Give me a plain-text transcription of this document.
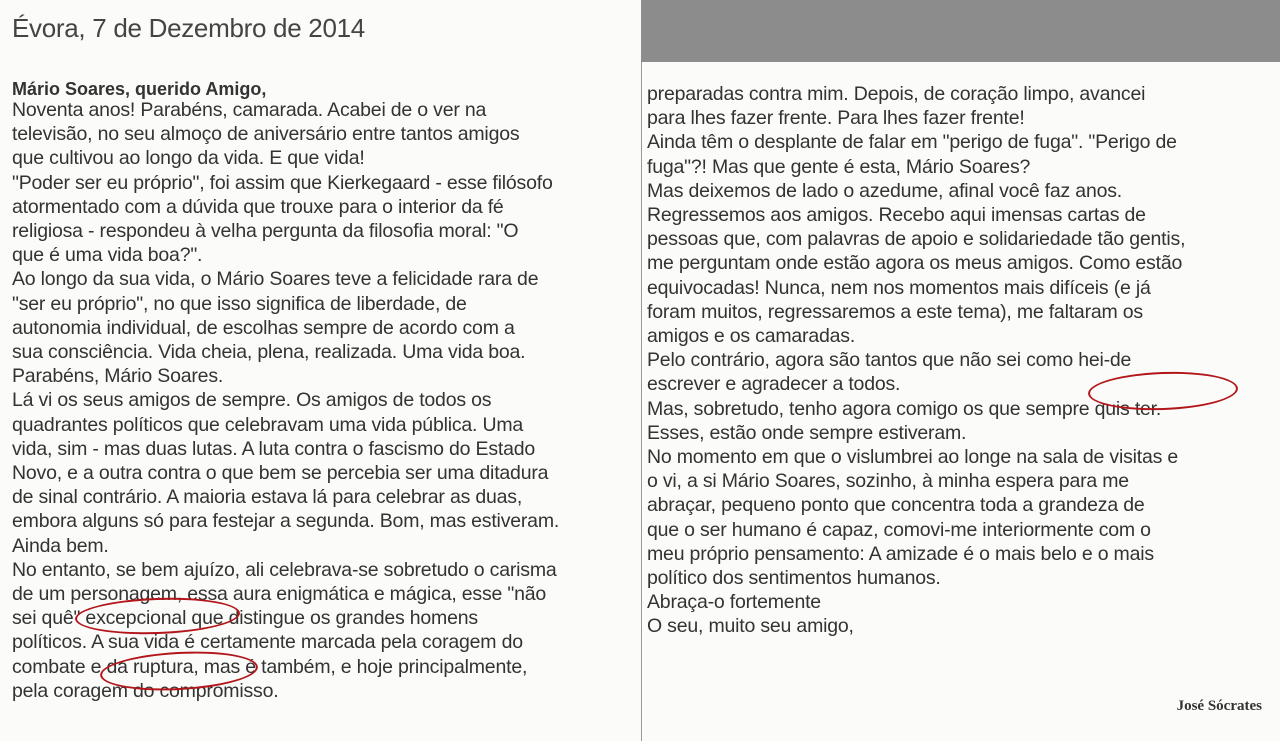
Évora, 7 de Dezembro de 2014
Mário Soares, querido Amigo,
Noventa anos! Parabéns, camarada. Acabei de o ver na
televisão, no seu almoço de aniversário entre tantos amigos
que cultivou ao longo da vida. E que vida!
"Poder ser eu próprio", foi assim que Kierkegaard - esse filósofo
atormentado com a dúvida que trouxe para o interior da fé
religiosa - respondeu à velha pergunta da filosofia moral: "O
que é uma vida boa?".
Ao longo da sua vida, o Mário Soares teve a felicidade rara de
"ser eu próprio", no que isso significa de liberdade, de
autonomia individual, de escolhas sempre de acordo com a
sua consciência. Vida cheia, plena, realizada. Uma vida boa.
Parabéns, Mário Soares.
Lá vi os seus amigos de sempre. Os amigos de todos os
quadrantes políticos que celebravam uma vida pública. Uma
vida, sim - mas duas lutas. A luta contra o fascismo do Estado
Novo, e a outra contra o que bem se percebia ser uma ditadura
de sinal contrário. A maioria estava lá para celebrar as duas,
embora alguns só para festejar a segunda. Bom, mas estiveram.
Ainda bem.
No entanto, se bem ajuízo, ali celebrava-se sobretudo o carisma
de um personagem, essa aura enigmática e mágica, esse "não
sei quê" excepcional que distingue os grandes homens
políticos. A sua vida é certamente marcada pela coragem do
combate e da ruptura, mas é também, e hoje principalmente,
pela coragem do compromisso.
preparadas contra mim. Depois, de coração limpo, avancei
para lhes fazer frente. Para lhes fazer frente!
Ainda têm o desplante de falar em "perigo de fuga". "Perigo de
fuga"?! Mas que gente é esta, Mário Soares?
Mas deixemos de lado o azedume, afinal você faz anos.
Regressemos aos amigos. Recebo aqui imensas cartas de
pessoas que, com palavras de apoio e solidariedade tão gentis,
me perguntam onde estão agora os meus amigos. Como estão
equivocadas! Nunca, nem nos momentos mais difíceis (e já
foram muitos, regressaremos a este tema), me faltaram os
amigos e os camaradas.
Pelo contrário, agora são tantos que não sei como hei-de
escrever e agradecer a todos.
Mas, sobretudo, tenho agora comigo os que sempre quis ter.
Esses, estão onde sempre estiveram.
No momento em que o vislumbrei ao longe na sala de visitas e
o vi, a si Mário Soares, sozinho, à minha espera para me
abraçar, pequeno ponto que concentra toda a grandeza de
que o ser humano é capaz, comovi-me interiormente com o
meu próprio pensamento: A amizade é o mais belo e o mais
político dos sentimentos humanos.
Abraça-o fortemente
O seu, muito seu amigo,
José Sócrates
